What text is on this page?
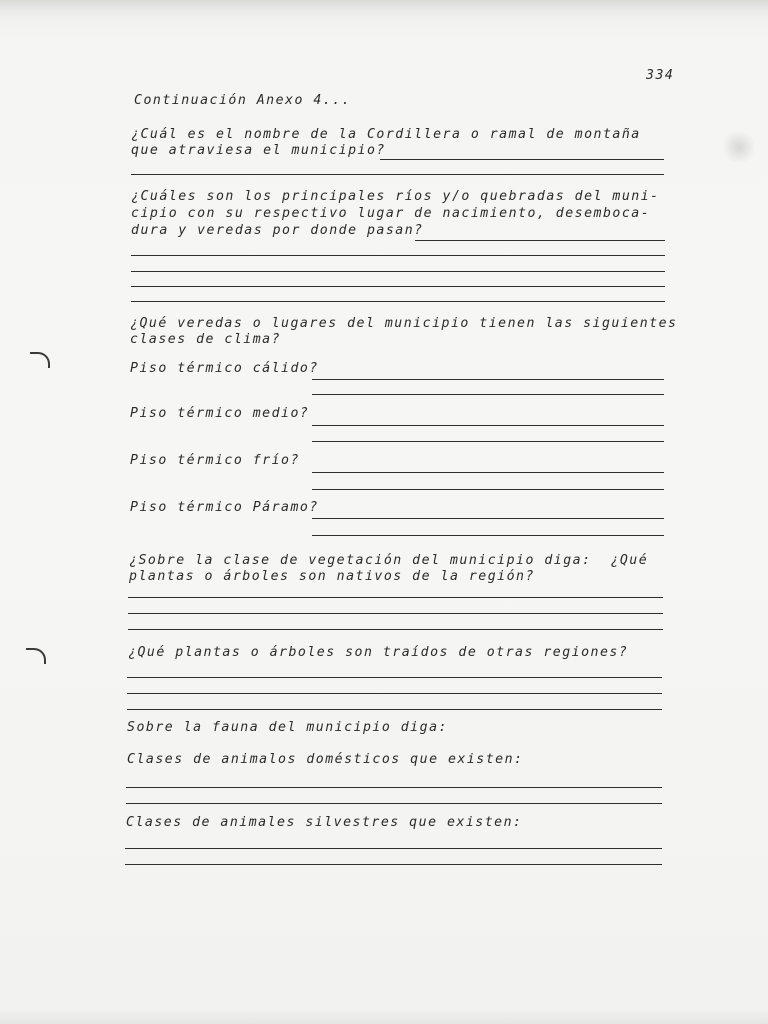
334
Continuación Anexo 4...
¿Cuál es el nombre de la Cordillera o ramal de montaña
que atraviesa el municipio?
¿Cuáles son los principales ríos y/o quebradas del muni-
cipio con su respectivo lugar de nacimiento, desemboca-
dura y veredas por donde pasan?
¿Qué veredas o lugares del municipio tienen las siguientes
clases de clima?
Piso térmico cálido?
Piso térmico medio?
Piso térmico frío?
Piso térmico Páramo?
¿Sobre la clase de vegetación del municipio diga:  ¿Qué
plantas o árboles son nativos de la región?
¿Qué plantas o árboles son traídos de otras regiones?
Sobre la fauna del municipio diga:
Clases de animalos domésticos que existen:
Clases de animales silvestres que existen:
